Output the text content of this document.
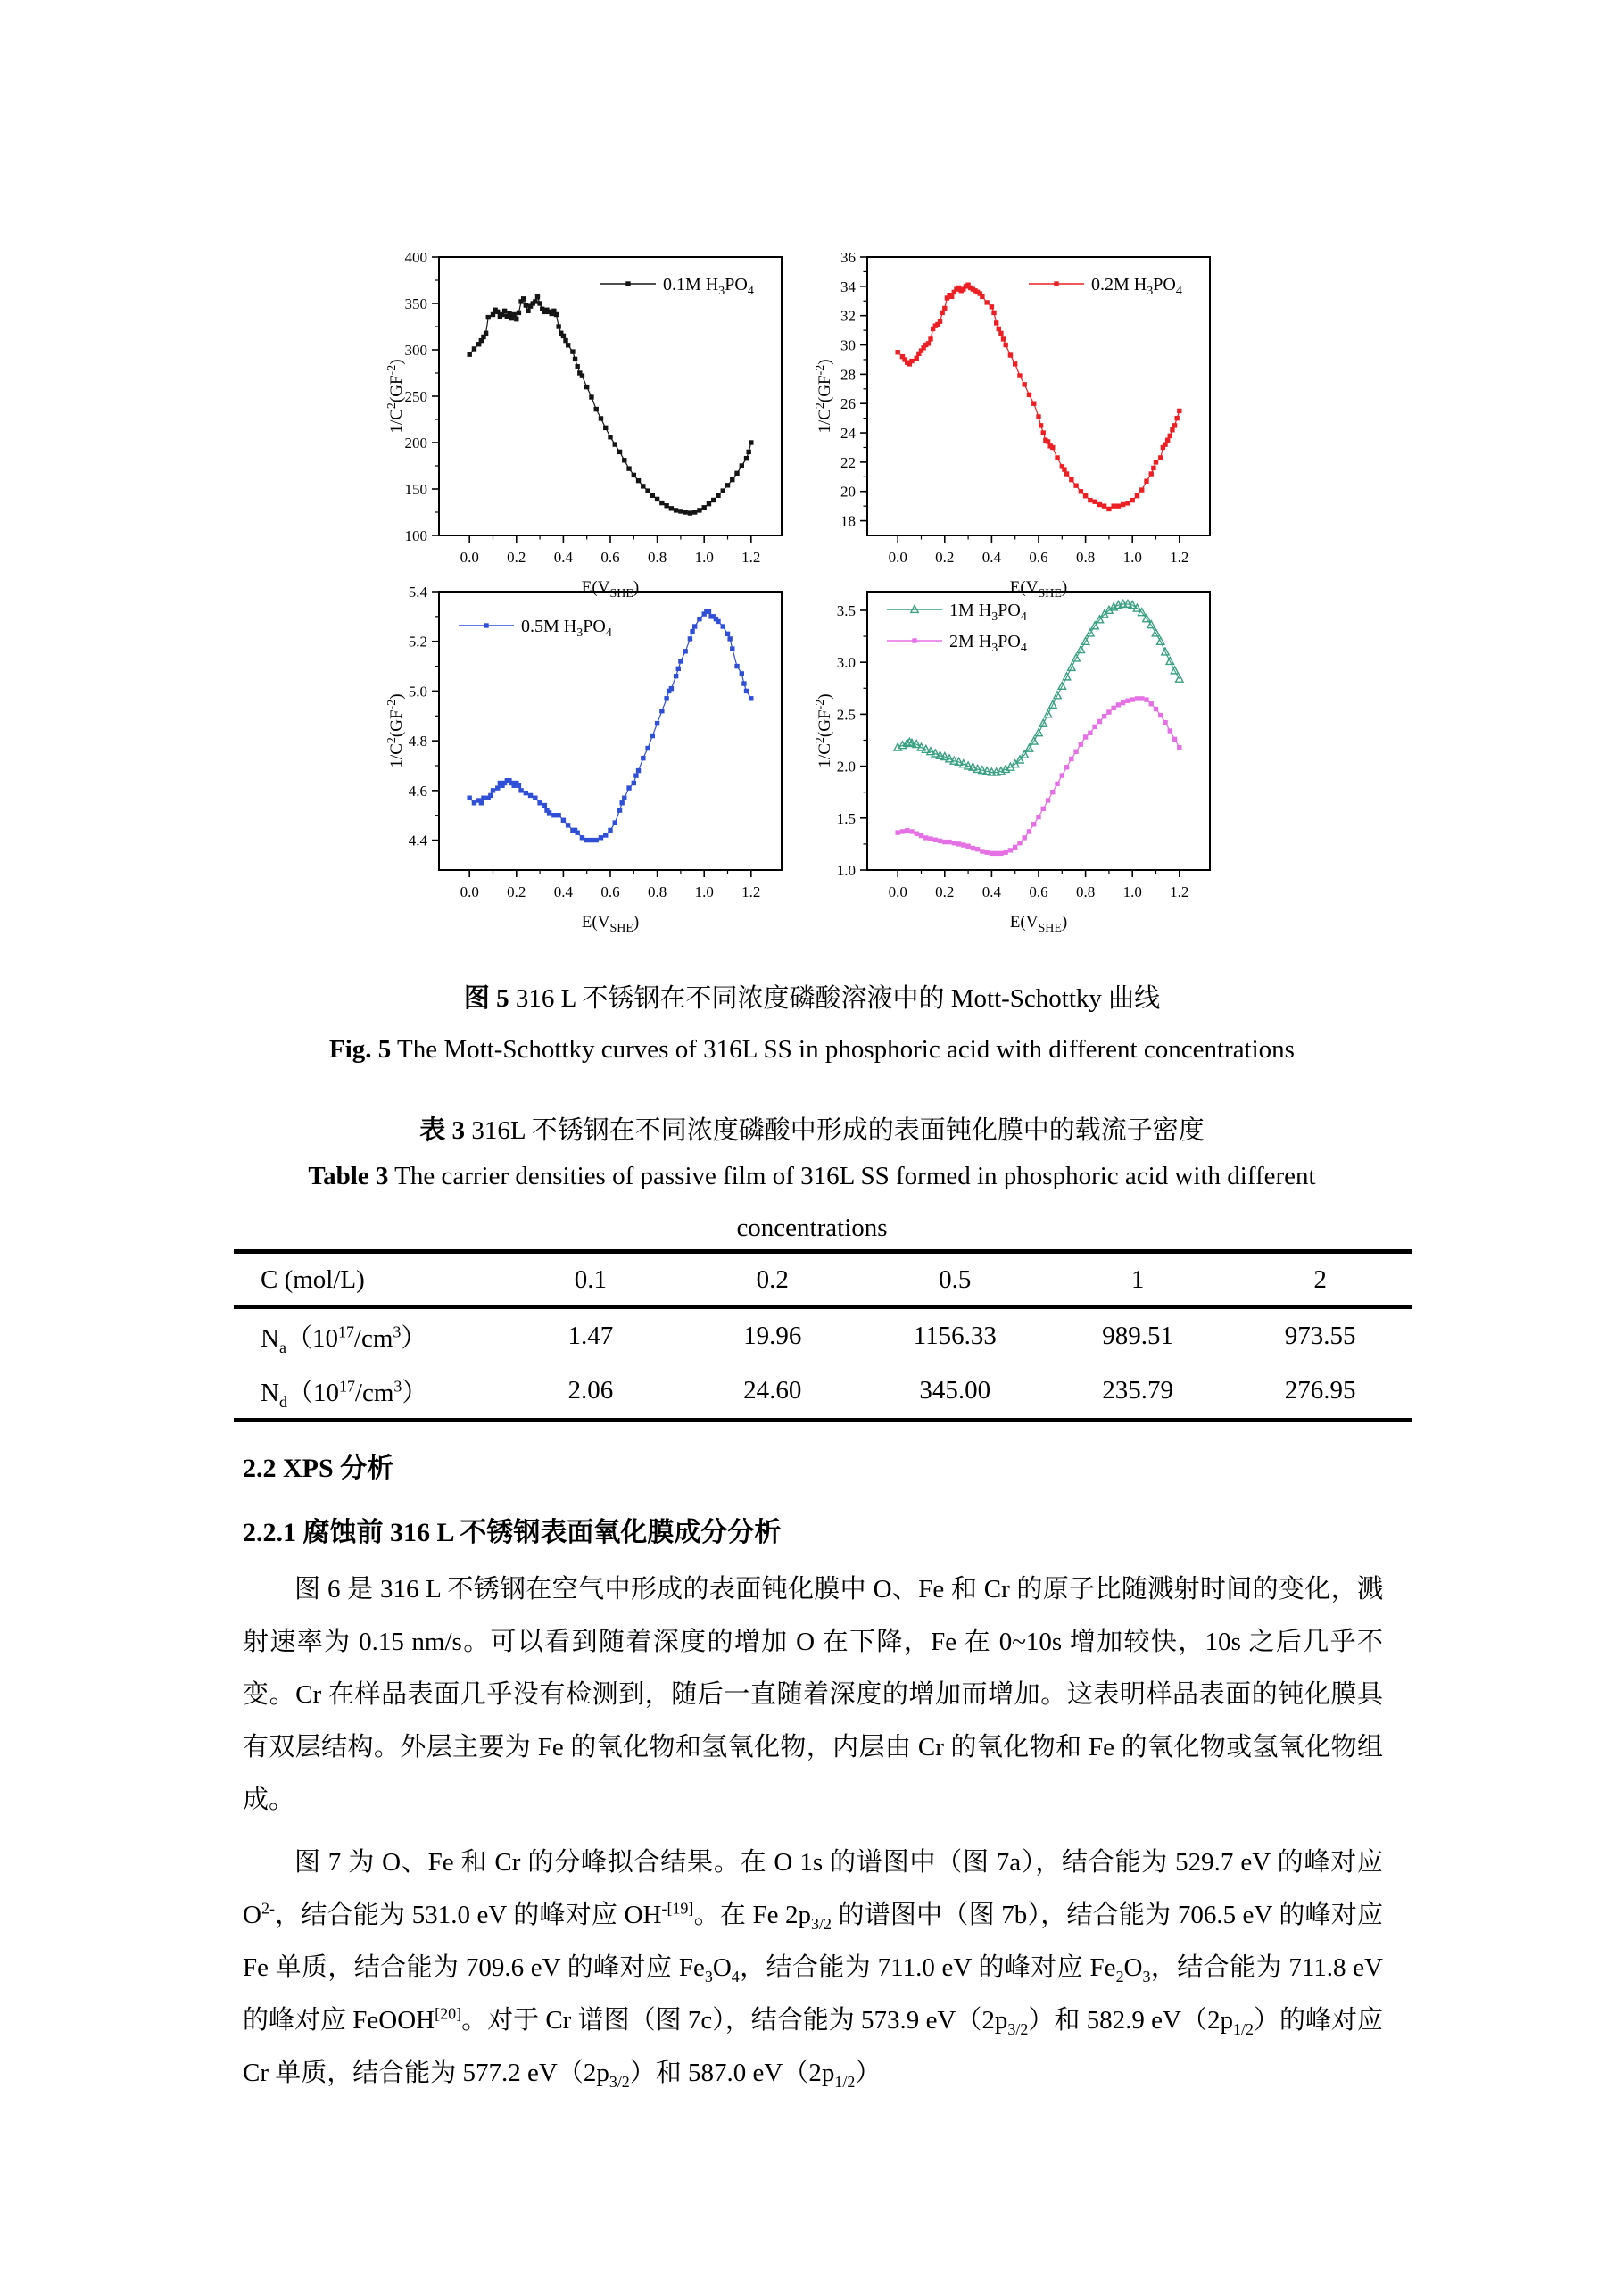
0.0 0.2 0.4 0.6 0.8 1.0 1.2
$E(V_{SHE})$
100
150
200
250
300
350
400
$1/C^2(GF^{-2})$
0.1M $H_3PO_4$
0.0 0.2 0.4 0.6 0.8 1.0 1.2
$E(V_{SHE})$
18
20
22
24
26
28
30
32
34
36
$1/C^2(GF^{-2})$
0.2M $H_3PO_4$
0.0 0.2 0.4 0.6 0.8 1.0 1.2
$E(V_{SHE})$
4.4
4.6
4.8
5.0
5.2
5.4
$1/C^2(GF^{-2})$
0.5M $H_3PO_4$
0.0 0.2 0.4 0.6 0.8 1.0 1.2
$E(V_{SHE})$
1.0
1.5
2.0
2.5
3.0
3.5
$1/C^2(GF^{-2})$
1M $H_3PO_4$
2M $H_3PO_4$
图 5 316 L 不锈钢在不同浓度磷酸溶液中的 Mott-Schottky 曲线
Fig. 5 The Mott-Schottky curves of 316L SS in phosphoric acid with different concentrations
表 3 316L 不锈钢在不同浓度磷酸中形成的表面钝化膜中的载流子密度
Table 3 The carrier densities of passive film of 316L SS formed in phosphoric acid with different
concentrations
C (mol/L)	0.1	0.2	0.5	1	2
$N_a(10^{17}/cm^3)$	1.47	19.96	1156.33	989.51	973.55
$N_d(10^{17}/cm^3)$	2.06	24.60	345.00	235.79	276.95
2.2 XPS 分析
2.2.1 腐蚀前 316 L 不锈钢表面氧化膜成分分析

图 6 是 316 L 不锈钢在空气中形成的表面钝化膜中 O、Fe 和 Cr 的原子比随溅射时间的变化，溅射速率为 0.15 nm/s。可以看到随着深度的增加 O 在下降，Fe 在 0~10s 增加较快，10s 之后几乎不变。Cr 在样品表面几乎没有检测到，随后一直随着深度的增加而增加。这表明样品表面的钝化膜具有双层结构。外层主要为 Fe 的氧化物和氢氧化物，内层由 Cr 的氧化物和 Fe 的氧化物或氢氧化物组成。

图 7 为 O、Fe 和 Cr 的分峰拟合结果。在 O 1s 的谱图中（图 7a），结合能为 529.7 eV 的峰对应 $O^{2-}$，结合能为 531.0 eV 的峰对应 $OH^{-[19]}$。在 Fe $2p_{3/2}$ 的谱图中（图 7b），结合能为 706.5 eV 的峰对应 Fe 单质，结合能为 709.6 eV 的峰对应 $Fe_3O_4$，结合能为 711.0 eV 的峰对应 $Fe_2O_3$，结合能为 711.8 eV 的峰对应 FeOOH[20]。对于 Cr 谱图（图 7c），结合能为 573.9 $eV(2p_{3/2})$和 582.9 $eV(2p_{1/2})$的峰对应 Cr 单质，结合能为 577.2 $eV(2p_{3/2})$和 587.0 $eV(2p_{1/2})$
